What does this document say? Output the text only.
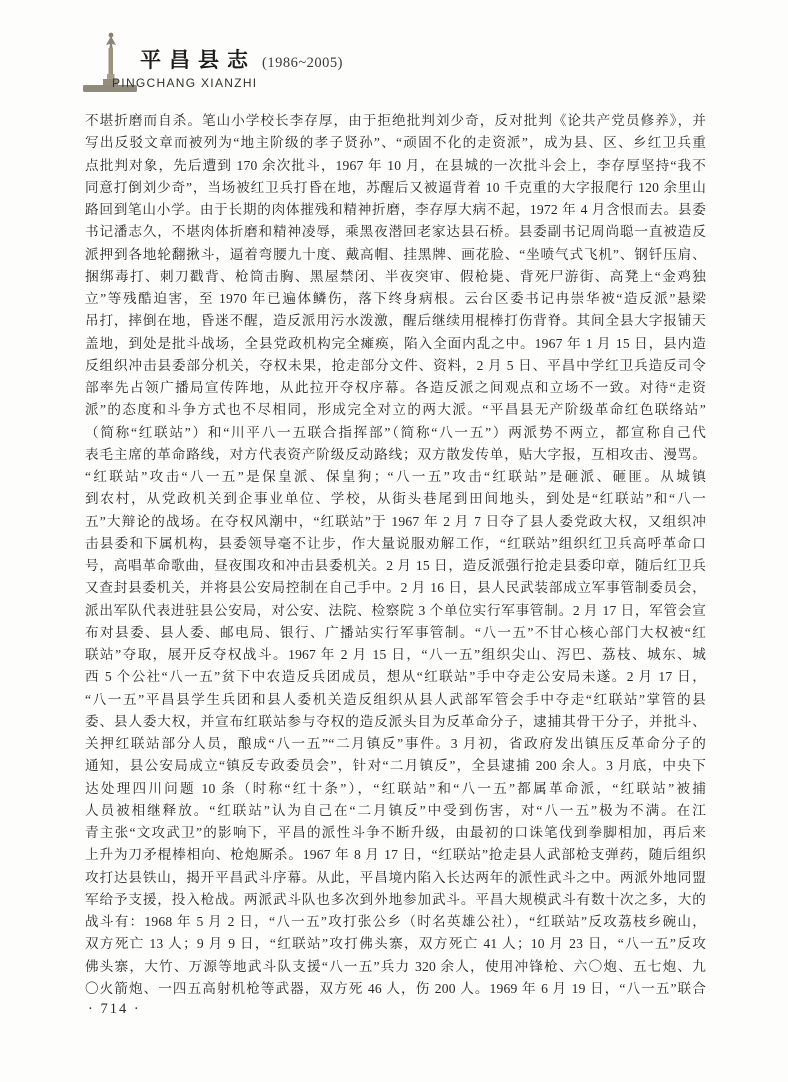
平昌县志 (1986~2005)
PINGCHANG XIANZHI
不堪折磨而自杀。笔山小学校长李存厚，由于拒绝批判刘少奇，反对批判《论共产党员修养》，并
写出反驳文章而被列为“地主阶级的孝子贤孙”、“顽固不化的走资派”，成为县、区、乡红卫兵重
点批判对象，先后遭到 170 余次批斗，1967 年 10 月，在县城的一次批斗会上，李存厚坚持“我不
同意打倒刘少奇”，当场被红卫兵打昏在地，苏醒后又被逼背着 10 千克重的大字报爬行 120 余里山
路回到笔山小学。由于长期的肉体摧残和精神折磨，李存厚大病不起，1972 年 4 月含恨而去。县委
书记潘志久，不堪肉体折磨和精神凌辱，乘黑夜潜回老家达县石桥。县委副书记周尚聪一直被造反
派押到各地轮翻揪斗，逼着弯腰九十度、戴高帽、挂黑牌、画花脸、“坐喷气式飞机”、钢钎压肩、
捆绑毒打、刺刀戳背、枪筒击胸、黑屋禁闭、半夜突审、假枪毙、背死尸游街、高凳上“金鸡独
立”等残酷迫害，至 1970 年已遍体鳞伤，落下终身病根。云台区委书记冉崇华被“造反派”悬梁
吊打，摔倒在地，昏迷不醒，造反派用污水泼激，醒后继续用棍棒打伤背脊。其间全县大字报铺天
盖地，到处是批斗战场，全县党政机构完全瘫痪，陷入全面内乱之中。1967 年 1 月 15 日，县内造
反组织冲击县委部分机关，夺权未果，抢走部分文件、资料，2 月 5 日、平昌中学红卫兵造反司令
部率先占领广播局宣传阵地，从此拉开夺权序幕。各造反派之间观点和立场不一致。对待“走资
派”的态度和斗争方式也不尽相同，形成完全对立的两大派。“平昌县无产阶级革命红色联络站”
（简称“红联站”）和“川平八一五联合指挥部”（简称“八一五”）两派势不两立，都宣称自己代
表毛主席的革命路线，对方代表资产阶级反动路线；双方散发传单，贴大字报，互相攻击、漫骂。
“红联站”攻击“八一五”是保皇派、保皇狗；“八一五”攻击“红联站”是砸派、砸匪。从城镇
到农村，从党政机关到企事业单位、学校，从街头巷尾到田间地头，到处是“红联站”和“八一
五”大辩论的战场。在夺权风潮中，“红联站”于 1967 年 2 月 7 日夺了县人委党政大权，又组织冲
击县委和下属机构，县委领导毫不让步，作大量说服劝解工作，“红联站”组织红卫兵高呼革命口
号，高唱革命歌曲，昼夜围攻和冲击县委机关。2 月 15 日，造反派强行抢走县委印章，随后红卫兵
又查封县委机关，并将县公安局控制在自己手中。2 月 16 日，县人民武装部成立军事管制委员会，
派出军队代表进驻县公安局，对公安、法院、检察院 3 个单位实行军事管制。2 月 17 日，军管会宣
布对县委、县人委、邮电局、银行、广播站实行军事管制。“八一五”不甘心核心部门大权被“红
联站”夺取，展开反夺权战斗。1967 年 2 月 15 日，“八一五”组织尖山、泻巴、荔枝、城东、城
西 5 个公社“八一五”贫下中农造反兵团成员，想从“红联站”手中夺走公安局未遂。2 月 17 日，
“八一五”平昌县学生兵团和县人委机关造反组织从县人武部军管会手中夺走“红联站”掌管的县
委、县人委大权，并宣布红联站参与夺权的造反派头目为反革命分子，逮捕其骨干分子，并批斗、
关押红联站部分人员，酿成“八一五”“二月镇反”事件。3 月初，省政府发出镇压反革命分子的
通知，县公安局成立“镇反专政委员会”，针对“二月镇反”，全县逮捕 200 余人。3 月底，中央下
达处理四川问题 10 条（时称“红十条”），“红联站”和“八一五”都属革命派，“红联站”被捕
人员被相继释放。“红联站”认为自己在“二月镇反”中受到伤害，对“八一五”极为不满。在江
青主张“文攻武卫”的影响下，平昌的派性斗争不断升级，由最初的口诛笔伐到拳脚相加，再后来
上升为刀矛棍棒相向、枪炮厮杀。1967 年 8 月 17 日，“红联站”抢走县人武部枪支弹药，随后组织
攻打达县铁山，揭开平昌武斗序幕。从此，平昌境内陷入长达两年的派性武斗之中。两派外地同盟
军给予支援，投入枪战。两派武斗队也多次到外地参加武斗。平昌大规模武斗有数十次之多，大的
战斗有：1968 年 5 月 2 日，“八一五”攻打张公乡（时名英雄公社），“红联站”反攻荔枝乡碗山，
双方死亡 13 人；9 月 9 日，“红联站”攻打佛头寨，双方死亡 41 人；10 月 23 日，“八一五”反攻
佛头寨，大竹、万源等地武斗队支援“八一五”兵力 320 余人，使用冲锋枪、六〇炮、五七炮、九
〇火箭炮、一四五高射机枪等武器，双方死 46 人，伤 200 人。1969 年 6 月 19 日，“八一五”联合
· 714 ·
